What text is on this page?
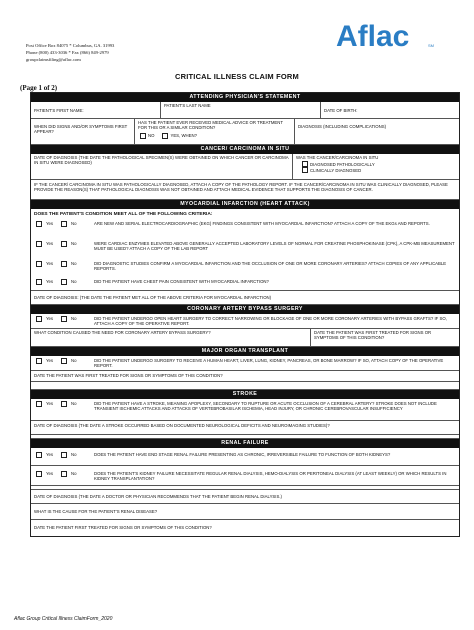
Post Office Box 84075 * Columbus, GA. 31993
Phone (800) 433-3036 * Fax (866) 849-2979
groupclaimsfiling@aflac.com
Aflac	SM
CRITICAL ILLNESS CLAIM FORM
(Page 1 of 2)
ATTENDING PHYSICIAN'S STATEMENT
PATIENT'S FIRST NAME:
PATIENT'S LAST NAME
DATE OF BIRTH:
WHEN DID SIGNS AND/OR SYMPTOMS FIRST APPEAR?
HAS THE PATIENT EVER RECEIVED MEDICAL ADVICE OR TREATMENT FOR THIS OR A SIMILAR CONDITION?
NO	YES, WHEN?
DIAGNOSIS (INCLUDING COMPLICATIONS)
CANCER/ CARCINOMA IN SITU
DATE OF DIAGNOSIS (THE DATE THE PATHOLOGICAL SPECIMEN(S) WERE OBTAINED ON WHICH CANCER OR CARCINOMA IN SITU WERE DIAGNOSED)
WAS THE CANCER/CARCINOMA IN SITU
DIAGNOSED PATHOLOGICALLY
CLINICALLY DIAGNOSED
IF THE CANCER/ CARCINOMA IN SITU WAS PATHOLOGICALLY DIAGNOSED, ATTACH A COPY OF THE PATHOLOGY REPORT. IF THE CANCER/CARCINOMA IN SITU WAS CLINICALLY DIAGNOSED, PLEASE PROVIDE THE REASON(S) THAT PATHOLOGICAL DIAGNOSIS WAS NOT OBTAINED AND ATTACH MEDICAL EVIDENCE THAT SUPPORTS THE DIAGNOSIS OF CANCER.
MYOCARDIAL INFARCTION (HEART ATTACK)
DOES THE PATIENT'S CONDITION MEET ALL OF THE FOLLOWING CRITERIA:
Yes	No	ARE NEW AND SERIAL ELECTROCARDIOGRAPHIC (EKG) FINDINGS CONSISTENT WITH MYOCARDIAL INFARCTION? ATTACH A COPY OF THE EKGs AND REPORTS.
Yes	No	WERE CARDIAC ENZYMES ELEVATED ABOVE GENERALLY ACCEPTED LABORATORY LEVELS OF NORMAL FOR CREATINE PHOSPHOKINASE (CPK), A CPK-MB MEASUREMENT MUST BE USED? ATTACH A COPY OF THE LAB REPORT
Yes	No	DID DIAGNOSTIC STUDIES CONFIRM A MYOCARDIAL INFARCTION AND THE OCCLUSION OF ONE OR MORE CORONARY ARTERIES? ATTACH COPIES OF ANY APPLICABLE REPORTS.
Yes	No	DID THE PATIENT HAVE CHEST PAIN CONSISTENT WITH MYOCARDIAL INFARCTION?
DATE OF DIAGNOSIS: (THE DATE THE PATIENT MET ALL OF THE ABOVE CRITERIA FOR MYOCARDIAL INFARCTION)
CORONARY ARTERY BYPASS SURGERY
Yes	No	DID THE PATIENT UNDERGO OPEN HEART SURGERY TO CORRECT NARROWING OR BLOCKAGE OF ONE OR MORE CORONARY ARTERIES WITH BYPASS GRAFTS? IF SO, ATTACH A COPY OF THE OPERATIVE REPORT.
WHAT CONDITION CAUSED THE NEED FOR CORONARY ARTERY BYPASS SURGERY?	DATE THE PATIENT WAS FIRST TREATED FOR SIGNS OR SYMPTOMS OF THIS CONDITION?
MAJOR ORGAN TRANSPLANT
Yes	No	DID THE PATIENT UNDERGO SURGERY TO RECEIVE A HUMAN HEART, LIVER, LUNG, KIDNEY, PANCREAS, OR BONE MARROW? IF SO, ATTACH COPY OF THE OPERATIVE REPORT.
DATE THE PATIENT WAS FIRST TREATED FOR SIGNS OR SYMPTOMS OF THIS CONDITION?
STROKE
Yes	No	DID THE PATIENT HAVE A STROKE, MEANING APOPLEXY, SECONDARY TO RUPTURE OR ACUTE OCCLUSION OF A CEREBRAL ARTERY? STROKE DOES NOT INCLUDE TRANSIENT ISCHEMIC ATTACKS AND ATTACKS OF VERTEBROBASILAR ISCHEMIA, HEAD INJURY, OR CHRONIC CEREBROVASCULAR INSUFFICIENCY
DATE OF DIAGNOSIS (THE DATE A STROKE OCCURRED BASED ON DOCUMENTED NEUROLOGICAL DEFICITS AND NEUROIMAGING STUDIES)?
RENAL FAILURE
Yes	No	DOES THE PATIENT HAVE END STAGE RENAL FAILURE PRESENTING AS CHRONIC, IRREVERSIBLE FAILURE TO FUNCTION OF BOTH KIDNEYS?
Yes	No	DOES THE PATIENT'S KIDNEY FAILURE NECESSITATE REGULAR RENAL DIALYSIS, HEMO-DIALYSIS OR PERITONEAL DIALYSIS (AT LEAST WEEKLY) OR WHICH RESULTS IN KIDNEY TRANSPLANTATION?
DATE OF DIAGNOSIS (THE DATE A DOCTOR OR PHYSICIAN RECOMMENDS THAT THE PATIENT BEGIN RENAL DIALYSIS.)
WHAT IS THE CAUSE FOR THE PATIENT'S RENAL DISEASE?
DATE THE PATIENT FIRST TREATED FOR SIGNS OR SYMPTOMS OF THIS CONDITION?
Aflac Group Critical Illness ClaimForm_2020
